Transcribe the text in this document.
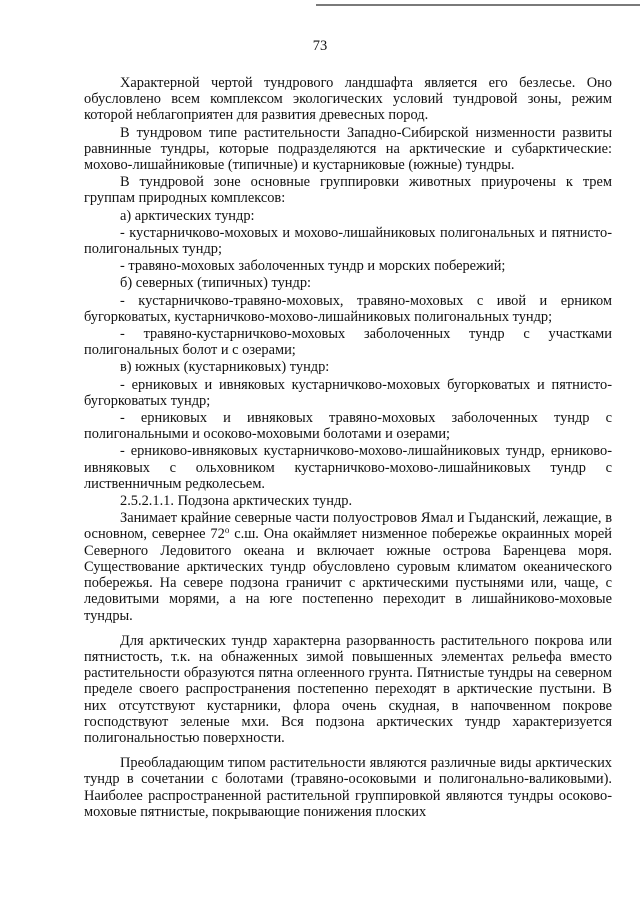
73

Характерной чертой тундрового ландшафта является его безлесье. Оно обусловлено всем комплексом экологических условий тундровой зоны, режим которой неблагоприятен для развития древесных пород.

В тундровом типе растительности Западно-Сибирской низменности развиты равнинные тундры, которые подразделяются на арктические и субарктические: мохово-лишайниковые (типичные) и кустарниковые (южные) тундры.

В тундровой зоне основные группировки животных приурочены к трем группам природных комплексов:

а) арктических тундр:

- кустарничково-моховых и мохово-лишайниковых полигональных и пятнисто-полигональных тундр;

- травяно-моховых заболоченных тундр и морских побережий;

б) северных (типичных) тундр:

- кустарничково-травяно-моховых, травяно-моховых с ивой и ерником бугорковатых, кустарничково-мохово-лишайниковых полигональных тундр;

- травяно-кустарничково-моховых заболоченных тундр с участками полигональных болот и с озерами;

в) южных (кустарниковых) тундр:

- ерниковых и ивняковых кустарничково-моховых бугорковатых и пятнисто-бугорковатых тундр;

- ерниковых и ивняковых травяно-моховых заболоченных тундр с полигональными и осоково-моховыми болотами и озерами;

- ерниково-ивняковых кустарничково-мохово-лишайниковых тундр, ерниково-ивняковых с ольховником кустарничково-мохово-лишайниковых тундр с лиственничным редколесьем.

2.5.2.1.1. Подзона арктических тундр.

Занимает крайние северные части полуостровов Ямал и Гыданский, лежащие, в основном, севернее $72^о$ с.ш. Она окаймляет низменное побережье окраинных морей Северного Ледовитого океана и включает южные острова Баренцева моря. Существование арктических тундр обусловлено суровым климатом океанического побережья. На севере подзона граничит с арктическими пустынями или, чаще, с ледовитыми морями, а на юге постепенно переходит в лишайниково-моховые тундры.

Для арктических тундр характерна разорванность растительного покрова или пятнистость, т.к. на обнаженных зимой повышенных элементах рельефа вместо растительности образуются пятна оглеенного грунта. Пятнистые тундры на северном пределе своего распространения постепенно переходят в арктические пустыни. В них отсутствуют кустарники, флора очень скудная, в напочвенном покрове господствуют зеленые мхи. Вся подзона арктических тундр характеризуется полигональностью поверхности.

Преобладающим типом растительности являются различные виды арктических тундр в сочетании с болотами (травяно-осоковыми и полигонально-валиковыми). Наиболее распространенной растительной группировкой являются тундры осоково-моховые пятнистые, покрывающие понижения плоских
